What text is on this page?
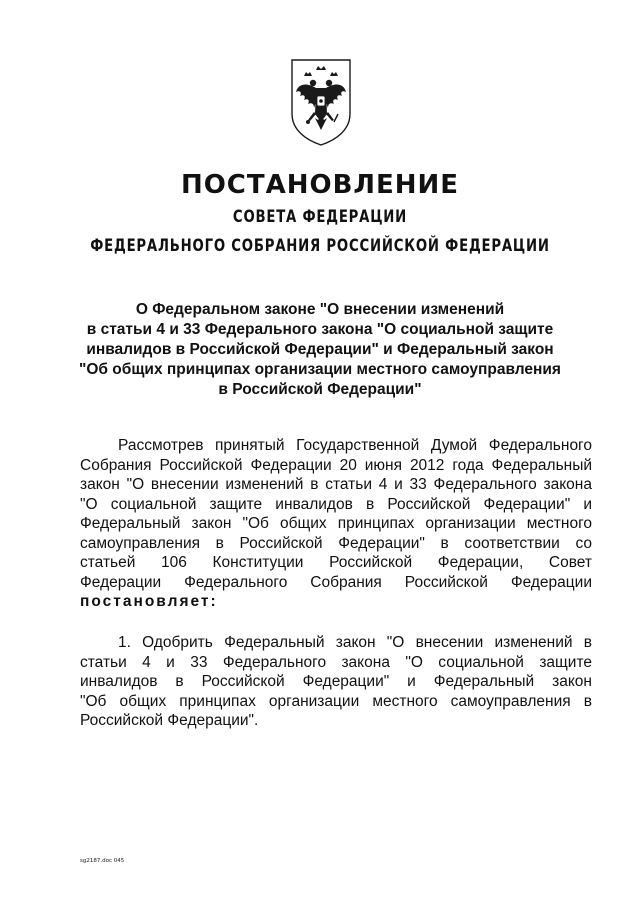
ПОСТАНОВЛЕНИЕ
СОВЕТА ФЕДЕРАЦИИ
ФЕДЕРАЛЬНОГО СОБРАНИЯ РОССИЙСКОЙ ФЕДЕРАЦИИ
О Федеральном законе "О внесении изменений
в статьи 4 и 33 Федерального закона "О социальной защите
инвалидов в Российской Федерации" и Федеральный закон
"Об общих принципах организации местного самоуправления
в Российской Федерации"
Рассмотрев принятый Государственной Думой Федерального
Собрания Российской Федерации 20 июня 2012 года Федеральный
закон "О внесении изменений в статьи 4 и 33 Федерального закона
"О социальной защите инвалидов в Российской Федерации" и
Федеральный закон "Об общих принципах организации местного
самоуправления в Российской Федерации" в соответствии со
статьей 106 Конституции Российской Федерации, Совет
Федерации Федерального Собрания Российской Федерации
постановляет:
1. Одобрить Федеральный закон "О внесении изменений в
статьи 4 и 33 Федерального закона "О социальной защите
инвалидов в Российской Федерации" и Федеральный закон
"Об общих принципах организации местного самоуправления в
Российской Федерации".
sg2187.doc 045
